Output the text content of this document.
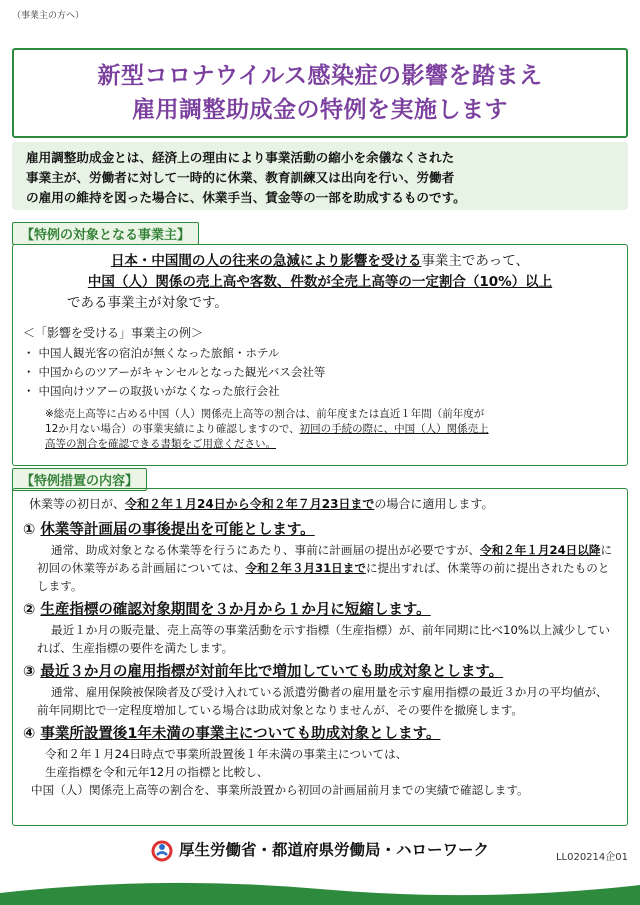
（事業主の方へ）
新型コロナウイルス感染症の影響を踏まえ
雇用調整助成金の特例を実施します

雇用調整助成金とは、経済上の理由により事業活動の縮小を余儀なくされた

事業主が、労働者に対して一時的に休業、教育訓練又は出向を行い、労働者

の雇用の維持を図った場合に、休業手当、賃金等の一部を助成するものです。

【特例の対象となる事業主】
日本・中国間の人の往来の急減により影響を受ける事業主であって、
中国（人）関係の売上高や客数、件数が全売上高等の一定割合（10%）以上
である事業主が対象です。
＜「影響を受ける」事業主の例＞
・ 中国人観光客の宿泊が無くなった旅館・ホテル
・ 中国からのツアーがキャンセルとなった観光バス会社等
・ 中国向けツアーの取扱いがなくなった旅行会社
※総売上高等に占める中国（人）関係売上高等の割合は、前年度または直近１年間（前年度が
12か月ない場合）の事業実績により確認しますので、初回の手続の際に、中国（人）関係売上
高等の割合を確認できる書類をご用意ください。
【特例措置の内容】
休業等の初日が、令和２年１月24日から令和２年７月23日までの場合に適用します。
① 休業等計画届の事後提出を可能とします。
通常、助成対象となる休業等を行うにあたり、事前に計画届の提出が必要ですが、令和２年１月24日以降に初回の休業等がある計画届については、令和２年３月31日までに提出すれば、休業等の前に提出されたものとします。
② 生産指標の確認対象期間を３か月から１か月に短縮します。
最近１か月の販売量、売上高等の事業活動を示す指標（生産指標）が、前年同期に比べ10%以上減少していれば、生産指標の要件を満たします。
③ 最近３か月の雇用指標が対前年比で増加していても助成対象とします。
通常、雇用保険被保険者及び受け入れている派遣労働者の雇用量を示す雇用指標の最近３か月の平均値が、前年同期比で一定程度増加している場合は助成対象となりませんが、その要件を撤廃します。
④ 事業所設置後1年未満の事業主についても助成対象とします。
令和２年１月24日時点で事業所設置後１年未満の事業主については、
生産指標を令和元年12月の指標と比較し、
中国（人）関係売上高等の割合を、事業所設置から初回の計画届前月までの実績で確認します。
厚生労働省・都道府県労働局・ハローワーク	LL020214企01
